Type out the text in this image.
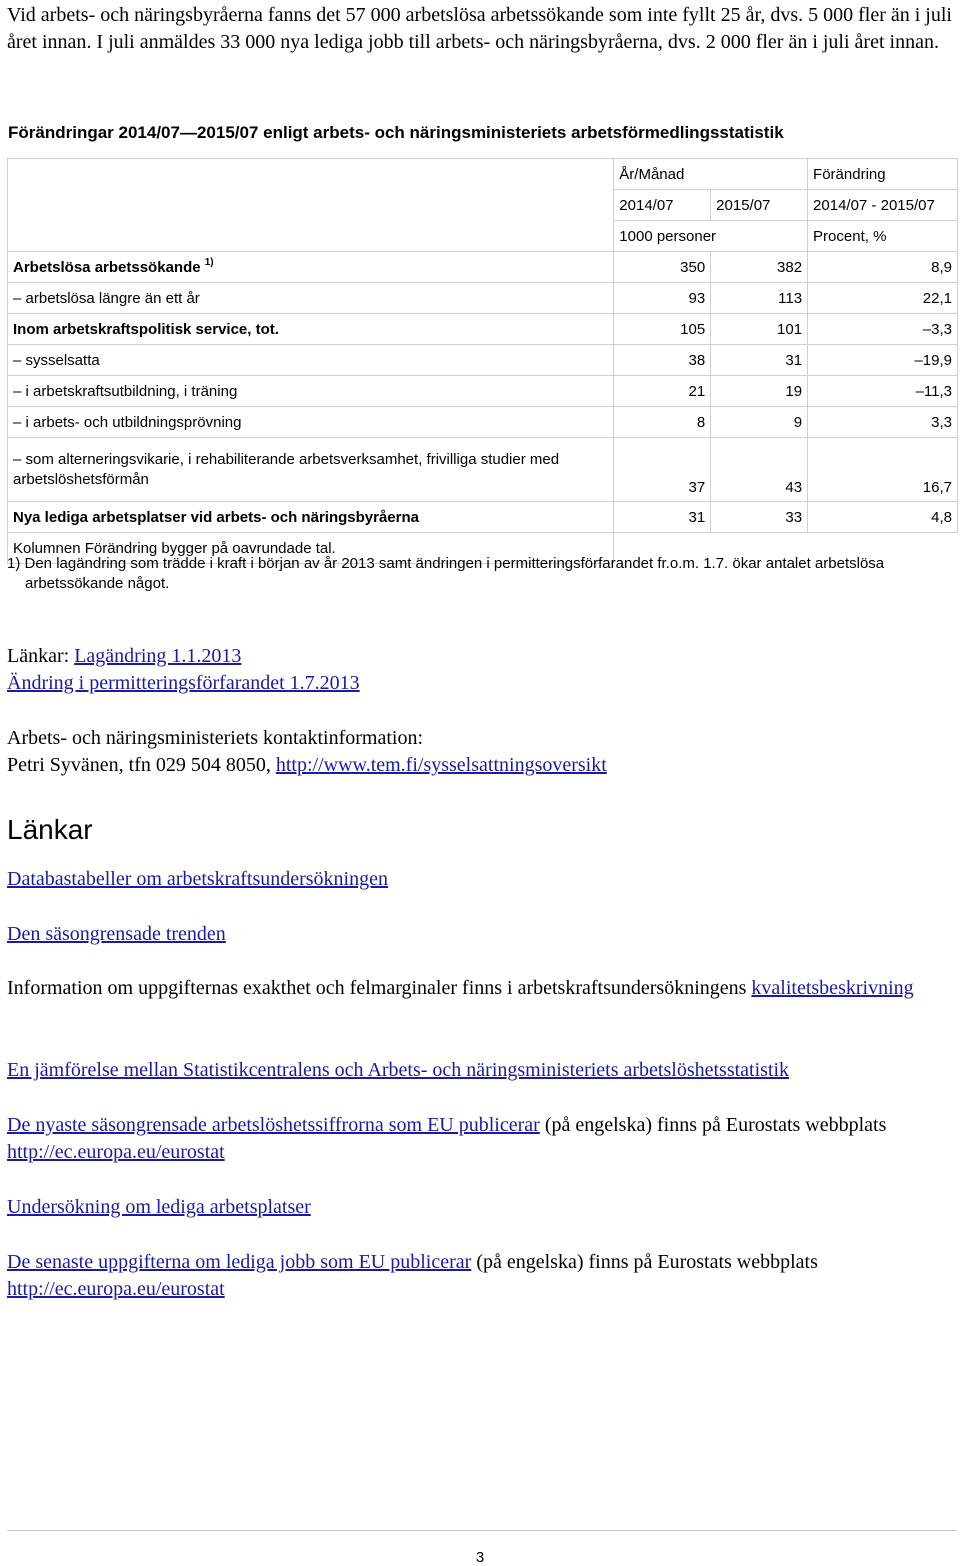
Vid arbets- och näringsbyråerna fanns det 57 000 arbetslösa arbetssökande som inte fyllt 25 år, dvs. 5 000 fler än i juli året innan. I juli anmäldes 33 000 nya lediga jobb till arbets- och näringsbyråerna, dvs. 2 000 fler än i juli året innan.
Förändringar 2014/07—2015/07 enligt arbets- och näringsministeriets arbetsförmedlingsstatistik
	År/Månad		Förändring
	2014/07	2015/07	2014/07 - 2015/07
	1000 personer		Procent, %
Arbetslösa arbetssökande $^{1)}$	350	382	8,9
– arbetslösa längre än ett år	93	113	22,1
Inom arbetskraftspolitisk service, tot.	105	101	–3,3
– sysselsatta	38	31	–19,9
– i arbetskraftsutbildning, i träning	21	19	–11,3
– i arbets- och utbildningsprövning	8	9	3,3
– som alterneringsvikarie, i rehabiliterande arbetsverksamhet, frivilliga studier med arbetslöshetsförmån	37	43	16,7
Nya lediga arbetsplatser vid arbets- och näringsbyråerna	31	33	4,8
Kolumnen Förändring bygger på oavrundade tal.			
1) Den lagändring som trädde i kraft i början av år 2013 samt ändringen i permitteringsförfarandet fr.o.m. 1.7. ökar antalet arbetslösa arbetssökande något.
Länkar: Lagändring 1.1.2013
Ändring i permitteringsförfarandet 1.7.2013
Arbets- och näringsministeriets kontaktinformation:
Petri Syvänen, tfn 029 504 8050, http://www.tem.fi/sysselsattningsoversikt
Länkar
Databastabeller om arbetskraftsundersökningen
Den säsongrensade trenden
Information om uppgifternas exakthet och felmarginaler finns i arbetskraftsundersökningens kvalitetsbeskrivning
En jämförelse mellan Statistikcentralens och Arbets- och näringsministeriets arbetslöshetsstatistik
De nyaste säsongrensade arbetslöshetssiffrorna som EU publicerar (på engelska) finns på Eurostats webbplats http://ec.europa.eu/eurostat
Undersökning om lediga arbetsplatser
De senaste uppgifterna om lediga jobb som EU publicerar (på engelska) finns på Eurostats webbplats http://ec.europa.eu/eurostat
3
